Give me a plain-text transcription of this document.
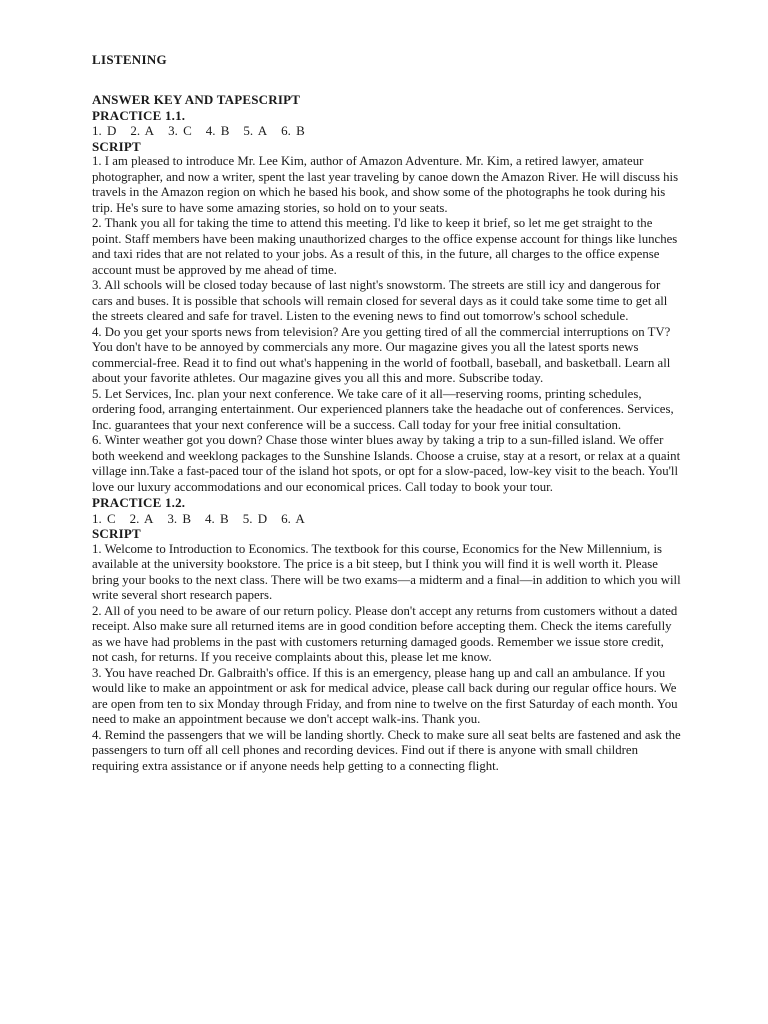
LISTENING

ANSWER KEY AND TAPESCRIPT

PRACTICE 1.1.

1. D 2. A 3. C 4. B 5. A 6. B

SCRIPT

1. I am pleased to introduce Mr. Lee Kim, author of Amazon Adventure. Mr. Kim, a retired lawyer, amateur photographer, and now a writer, spent the last year traveling by canoe down the Amazon River. He will discuss his travels in the Amazon region on which he based his book, and show some of the photographs he took during his trip. He's sure to have some amazing stories, so hold on to your seats.

2. Thank you all for taking the time to attend this meeting. I'd like to keep it brief, so let me get straight to the point. Staff members have been making unauthorized charges to the office expense account for things like lunches and taxi rides that are not related to your jobs. As a result of this, in the future, all charges to the office expense account must be approved by me ahead of time.

3. All schools will be closed today because of last night's snowstorm. The streets are still icy and dangerous for cars and buses. It is possible that schools will remain closed for several days as it could take some time to get all the streets cleared and safe for travel. Listen to the evening news to find out tomorrow's school schedule.

4. Do you get your sports news from television? Are you getting tired of all the commercial interruptions on TV? You don't have to be annoyed by commercials any more. Our magazine gives you all the latest sports news commercial-free. Read it to find out what's happening in the world of football, baseball, and basketball. Learn all about your favorite athletes. Our magazine gives you all this and more. Subscribe today.

5. Let Services, Inc. plan your next conference. We take care of it all—reserving rooms, printing schedules, ordering food, arranging entertainment. Our experienced planners take the headache out of conferences. Services, Inc. guarantees that your next conference will be a success. Call today for your free initial consultation.

6. Winter weather got you down? Chase those winter blues away by taking a trip to a sun-filled island. We offer both weekend and weeklong packages to the Sunshine Islands. Choose a cruise, stay at a resort, or relax at a quaint village inn.Take a fast-paced tour of the island hot spots, or opt for a slow-paced, low-key visit to the beach. You'll love our luxury accommodations and our economical prices. Call today to book your tour.

PRACTICE 1.2.

1. C 2. A 3. B 4. B 5. D 6. A

SCRIPT

1. Welcome to Introduction to Economics. The textbook for this course, Economics for the New Millennium, is available at the university bookstore. The price is a bit steep, but I think you will find it is well worth it. Please bring your books to the next class. There will be two exams—a midterm and a final—in addition to which you will write several short research papers.

2. All of you need to be aware of our return policy. Please don't accept any returns from customers without a dated receipt. Also make sure all returned items are in good condition before accepting them. Check the items carefully as we have had problems in the past with customers returning damaged goods. Remember we issue store credit, not cash, for returns. If you receive complaints about this, please let me know.

3. You have reached Dr. Galbraith's office. If this is an emergency, please hang up and call an ambulance. If you would like to make an appointment or ask for medical advice, please call back during our regular office hours. We are open from ten to six Monday through Friday, and from nine to twelve on the first Saturday of each month. You need to make an appointment because we don't accept walk-ins. Thank you.

4. Remind the passengers that we will be landing shortly. Check to make sure all seat belts are fastened and ask the passengers to turn off all cell phones and recording devices. Find out if there is anyone with small children requiring extra assistance or if anyone needs help getting to a connecting flight.
